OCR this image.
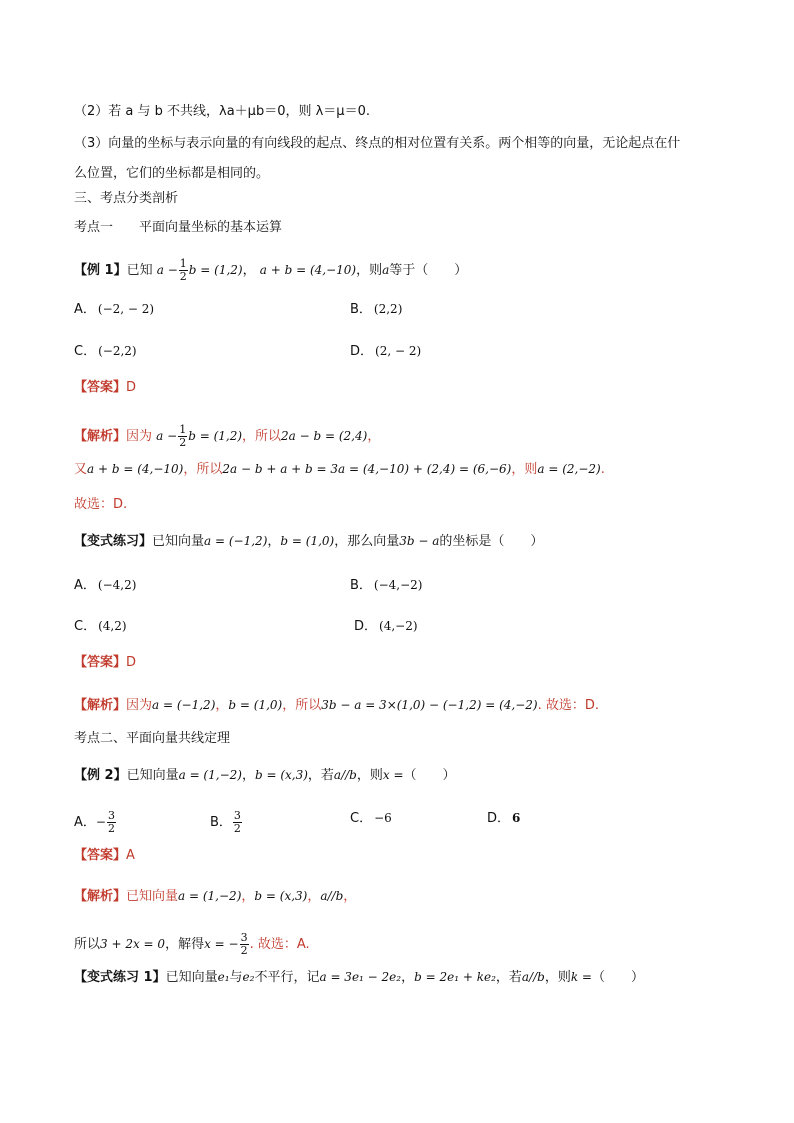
（2）若 a 与 b 不共线，λa＋μb＝0，则 λ＝μ＝0.
（3）向量的坐标与表示向量的有向线段的起点、终点的相对位置有关系。两个相等的向量，无论起点在什
么位置，它们的坐标都是相同的。
三、考点分类剖析
考点一　　平面向量坐标的基本运算
【例 1】已知 $a - \frac{1}{2}$ b = (1,2)， a + b = (4,−10)，则a等于（　　）
A． (−2, − 2)	B． (2,2)
C． (−2,2)	D． (2, − 2)
【答案】D
【解析】因为 $a - \frac{1}{2}$ b = (1,2)，所以2a − b = (2,4)，
又a + b = (4,−10)，所以2a − b + a + b = 3a = (4,−10) + (2,4) = (6,−6)，则a = (2,−2).
故选：D.
【变式练习】已知向量a = (−1,2)，b = (1,0)，那么向量3b − a的坐标是（　　）
A． (−4,2)	B． (−4,−2)
C． (4,2)	D． (4,−2)
【答案】D
【解析】因为a = (−1,2)，b = (1,0)，所以3b − a = 3×(1,0) − (−1,2) = (4,−2). 故选：D.
考点二、平面向量共线定理
【例 2】已知向量a = (1,−2)，b = (x,3)，若a//b，则x =（　　）
A．− $\frac{3}{2}$	B． $\frac{3}{2}$	C． −6	D． 6
【答案】A
【解析】已知向量a = (1,−2)，b = (x,3)，a//b，
所以3 + 2x = 0，解得x = − $\frac{3}{2}$ . 故选：A.
【变式练习 1】已知向量e₁与e₂不平行，记a = 3e₁ − 2e₂，b = 2e₁ + ke₂，若a//b，则k =（　　）
